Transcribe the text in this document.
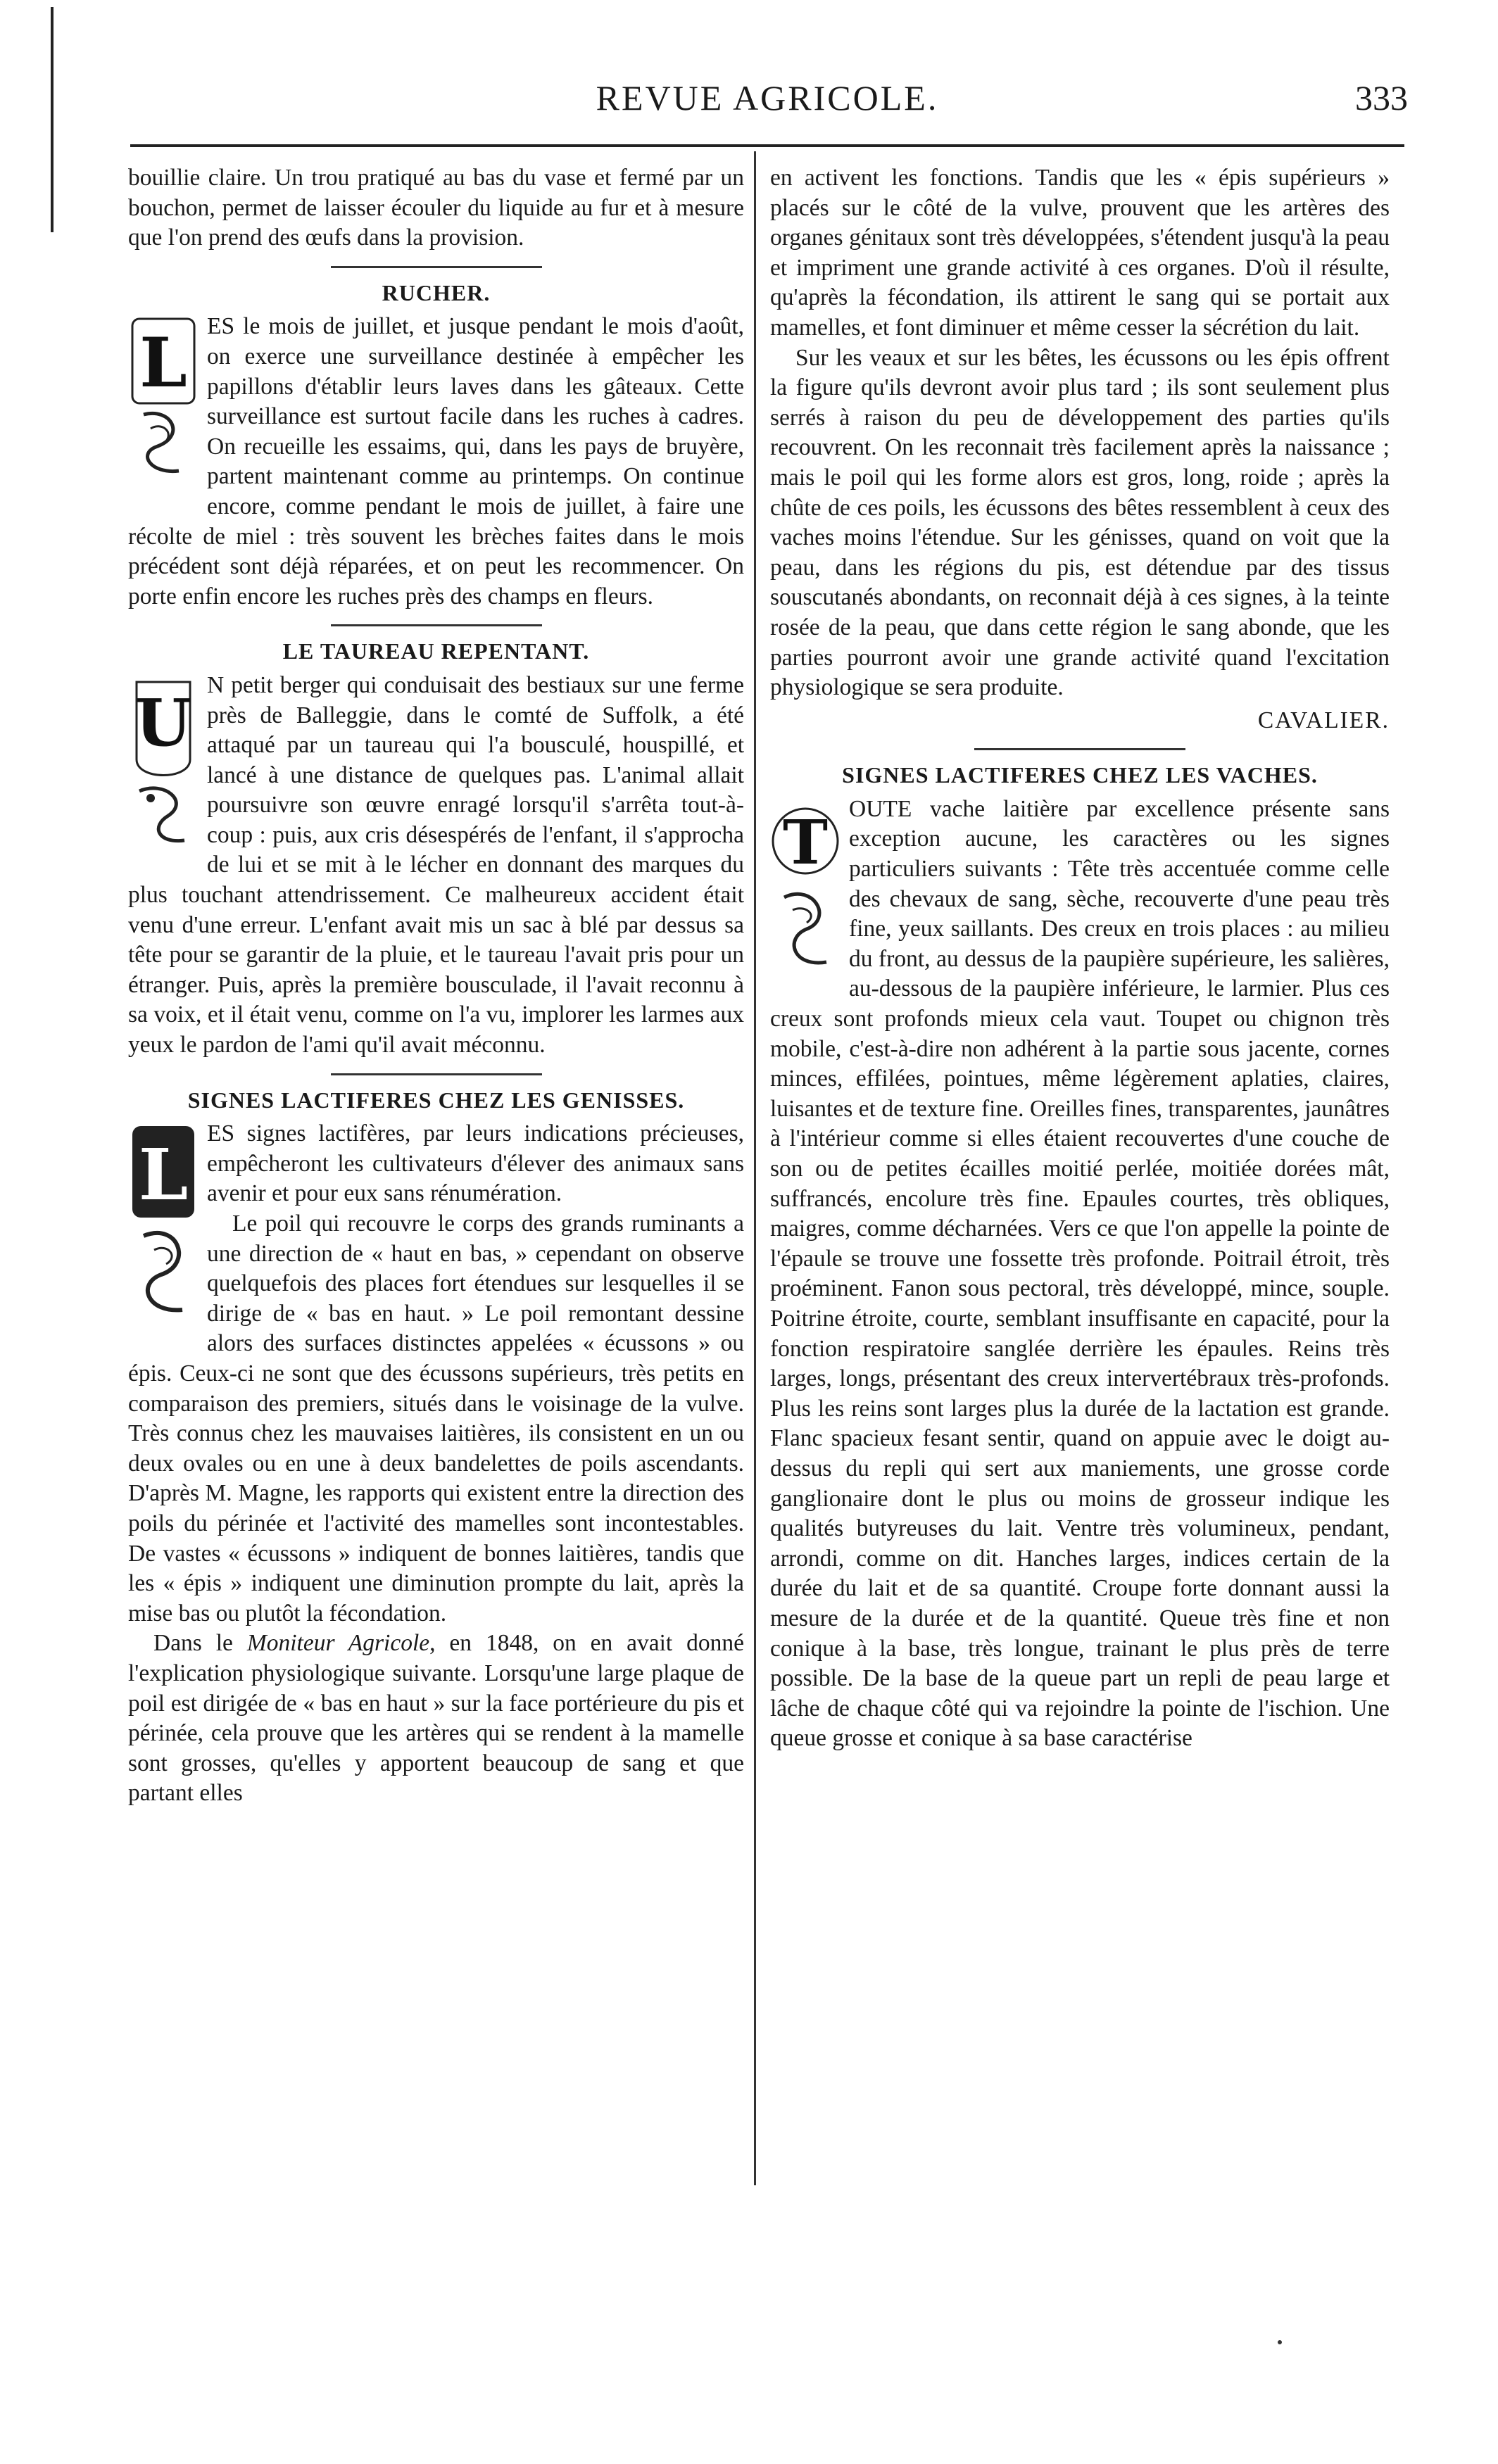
REVUE AGRICOLE.	333

bouillie claire. Un trou pratiqué au bas du vase et fermé par un bouchon, permet de laisser écouler du liquide au fur et à mesure que l'on prend des œufs dans la provision.

RUCHER.
L ES le mois de juillet, et jusque pendant le mois d'août, on exerce une surveillance destinée à empêcher les papillons d'établir leurs laves dans les gâteaux. Cette surveillance est surtout facile dans les ruches à cadres. On recueille les essaims, qui, dans les pays de bruyère, partent maintenant comme au printemps. On continue encore, comme pendant le mois de juillet, à faire une récolte de miel : très souvent les brèches faites dans le mois précédent sont déjà réparées, et on peut les recommencer. On porte enfin encore les ruches près des champs en fleurs.

LE TAUREAU REPENTANT.
U N petit berger qui conduisait des bestiaux sur une ferme près de Balleggie, dans le comté de Suffolk, a été attaqué par un taureau qui l'a bousculé, houspillé, et lancé à une distance de quelques pas. L'animal allait poursuivre son œuvre enragé lorsqu'il s'arrêta tout-à-coup : puis, aux cris désespérés de l'enfant, il s'approcha de lui et se mit à le lécher en donnant des marques du plus touchant attendrissement. Ce malheureux accident était venu d'une erreur. L'enfant avait mis un sac à blé par dessus sa tête pour se garantir de la pluie, et le taureau l'avait pris pour un étranger. Puis, après la première bousculade, il l'avait reconnu à sa voix, et il était venu, comme on l'a vu, implorer les larmes aux yeux le pardon de l'ami qu'il avait méconnu.

SIGNES LACTIFERES CHEZ LES GENISSES.
L ES signes lactifères, par leurs indications précieuses, empêcheront les cultivateurs d'élever des animaux sans avenir et pour eux sans rénumération.

Le poil qui recouvre le corps des grands ruminants a une direction de « haut en bas, » cependant on observe quelquefois des places fort étendues sur lesquelles il se dirige de « bas en haut. » Le poil remontant dessine alors des surfaces distinctes appelées « écussons » ou épis. Ceux-ci ne sont que des écussons supérieurs, très petits en comparaison des premiers, situés dans le voisinage de la vulve. Très connus chez les mauvaises laitières, ils consistent en un ou deux ovales ou en une à deux bandelettes de poils ascendants. D'après M. Magne, les rapports qui existent entre la direction des poils du périnée et l'activité des mamelles sont incontestables. De vastes « écussons » indiquent de bonnes laitières, tandis que les « épis » indiquent une diminution prompte du lait, après la mise bas ou plutôt la fécondation.

Dans le Moniteur Agricole, en 1848, on en avait donné l'explication physiologique suivante. Lorsqu'une large plaque de poil est dirigée de « bas en haut » sur la face portérieure du pis et périnée, cela prouve que les artères qui se rendent à la mamelle sont grosses, qu'elles y apportent beaucoup de sang et que partant elles

en activent les fonctions. Tandis que les « épis supérieurs » placés sur le côté de la vulve, prouvent que les artères des organes génitaux sont très développées, s'étendent jusqu'à la peau et impriment une grande activité à ces organes. D'où il résulte, qu'après la fécondation, ils attirent le sang qui se portait aux mamelles, et font diminuer et même cesser la sécrétion du lait.

Sur les veaux et sur les bêtes, les écussons ou les épis offrent la figure qu'ils devront avoir plus tard ; ils sont seulement plus serrés à raison du peu de développement des parties qu'ils recouvrent. On les reconnait très facilement après la naissance ; mais le poil qui les forme alors est gros, long, roide ; après la chûte de ces poils, les écussons des bêtes ressemblent à ceux des vaches moins l'étendue. Sur les génisses, quand on voit que la peau, dans les régions du pis, est détendue par des tissus souscutanés abondants, on reconnait déjà à ces signes, à la teinte rosée de la peau, que dans cette région le sang abonde, que les parties pourront avoir une grande activité quand l'excitation physiologique se sera produite.

CAVALIER.
SIGNES LACTIFERES CHEZ LES VACHES.
T OUTE vache laitière par excellence présente sans exception aucune, les caractères ou les signes particuliers suivants : Tête très accentuée comme celle des chevaux de sang, sèche, recouverte d'une peau très fine, yeux saillants. Des creux en trois places : au milieu du front, au dessus de la paupière supérieure, les salières, au-dessous de la paupière inférieure, le larmier. Plus ces creux sont profonds mieux cela vaut. Toupet ou chignon très mobile, c'est-à-dire non adhérent à la partie sous jacente, cornes minces, effilées, pointues, même légèrement aplaties, claires, luisantes et de texture fine. Oreilles fines, transparentes, jaunâtres à l'intérieur comme si elles étaient recouvertes d'une couche de son ou de petites écailles moitié perlée, moitiée dorées mât, suffrancés, encolure très fine. Epaules courtes, très obliques, maigres, comme décharnées. Vers ce que l'on appelle la pointe de l'épaule se trouve une fossette très profonde. Poitrail étroit, très proéminent. Fanon sous pectoral, très développé, mince, souple. Poitrine étroite, courte, semblant insuffisante en capacité, pour la fonction respiratoire sanglée derrière les épaules. Reins très larges, longs, présentant des creux intervertébraux très-profonds. Plus les reins sont larges plus la durée de la lactation est grande. Flanc spacieux fesant sentir, quand on appuie avec le doigt au-dessus du repli qui sert aux maniements, une grosse corde ganglionaire dont le plus ou moins de grosseur indique les qualités butyreuses du lait. Ventre très volumineux, pendant, arrondi, comme on dit. Hanches larges, indices certain de la durée du lait et de sa quantité. Croupe forte donnant aussi la mesure de la durée et de la quantité. Queue très fine et non conique à la base, très longue, trainant le plus près de terre possible. De la base de la queue part un repli de peau large et lâche de chaque côté qui va rejoindre la pointe de l'ischion. Une queue grosse et conique à sa base caractérise
